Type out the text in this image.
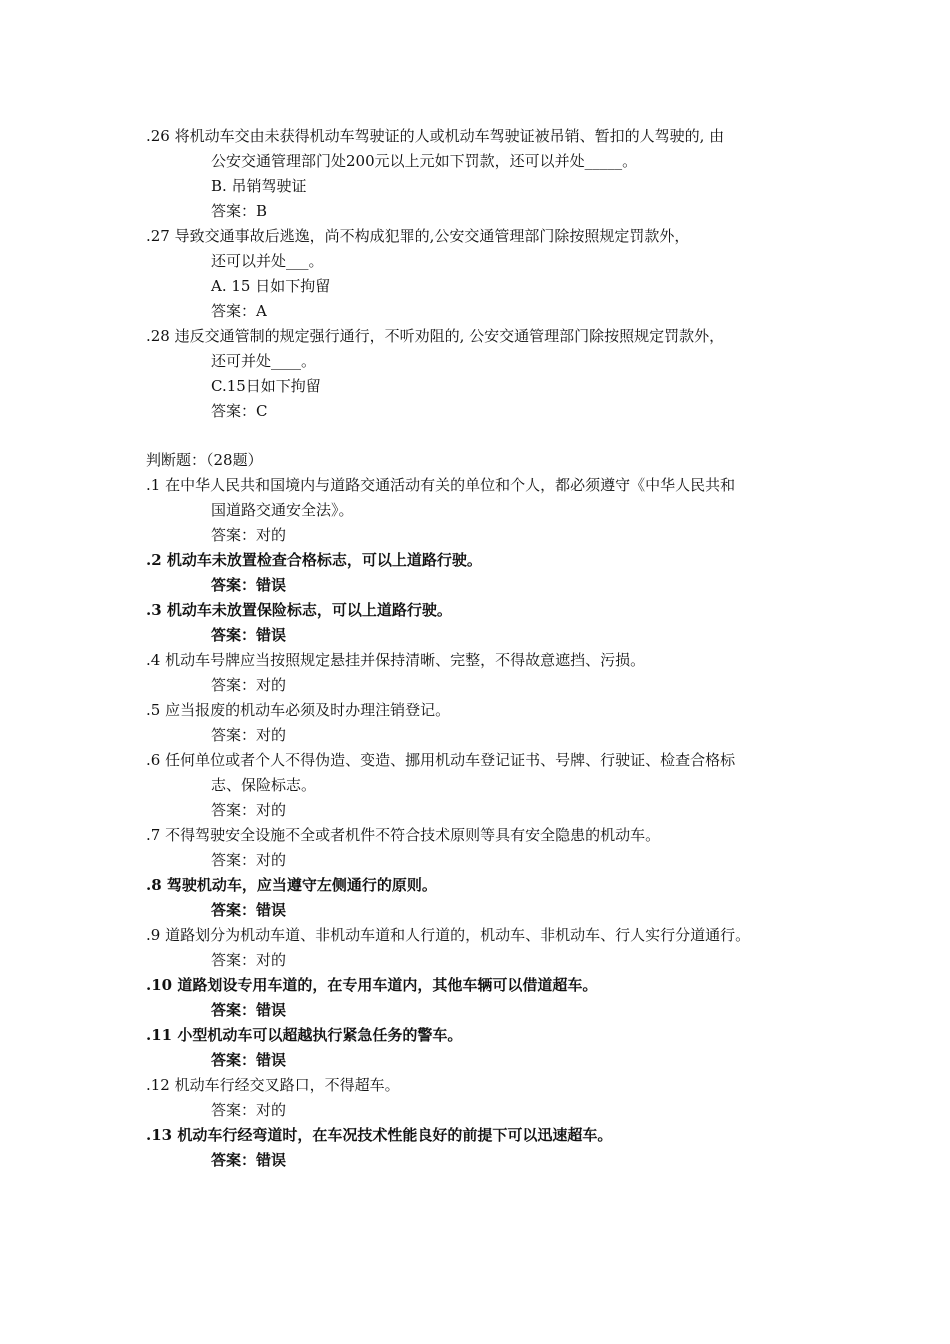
.26 将机动车交由未获得机动车驾驶证的人或机动车驾驶证被吊销、暂扣的人驾驶的, 由
公安交通管理部门处200元以上元如下罚款，还可以并处_____。
B. 吊销驾驶证
答案：B
.27 导致交通事故后逃逸，尚不构成犯罪的,公安交通管理部门除按照规定罚款外，
还可以并处___。
A. 15 日如下拘留
答案：A
.28 违反交通管制的规定强行通行，不听劝阻的, 公安交通管理部门除按照规定罚款外，
还可并处____。
C.15日如下拘留
答案：C
判断题：（28题）
.1 在中华人民共和国境内与道路交通活动有关的单位和个人，都必须遵守《中华人民共和
国道路交通安全法》。
答案：对的
.2 机动车未放置检查合格标志，可以上道路行驶。
答案：错误
.3 机动车未放置保险标志，可以上道路行驶。
答案：错误
.4 机动车号牌应当按照规定悬挂并保持清晰、完整，不得故意遮挡、污损。
答案：对的
.5 应当报废的机动车必须及时办理注销登记。
答案：对的
.6 任何单位或者个人不得伪造、变造、挪用机动车登记证书、号牌、行驶证、检查合格标
志、保险标志。
答案：对的
.7 不得驾驶安全设施不全或者机件不符合技术原则等具有安全隐患的机动车。
答案：对的
.8 驾驶机动车，应当遵守左侧通行的原则。
答案：错误
.9 道路划分为机动车道、非机动车道和人行道的，机动车、非机动车、行人实行分道通行。
答案：对的
.10 道路划设专用车道的，在专用车道内，其他车辆可以借道超车。
答案：错误
.11 小型机动车可以超越执行紧急任务的警车。
答案：错误
.12 机动车行经交叉路口，不得超车。
答案：对的
.13 机动车行经弯道时，在车况技术性能良好的前提下可以迅速超车。
答案：错误
